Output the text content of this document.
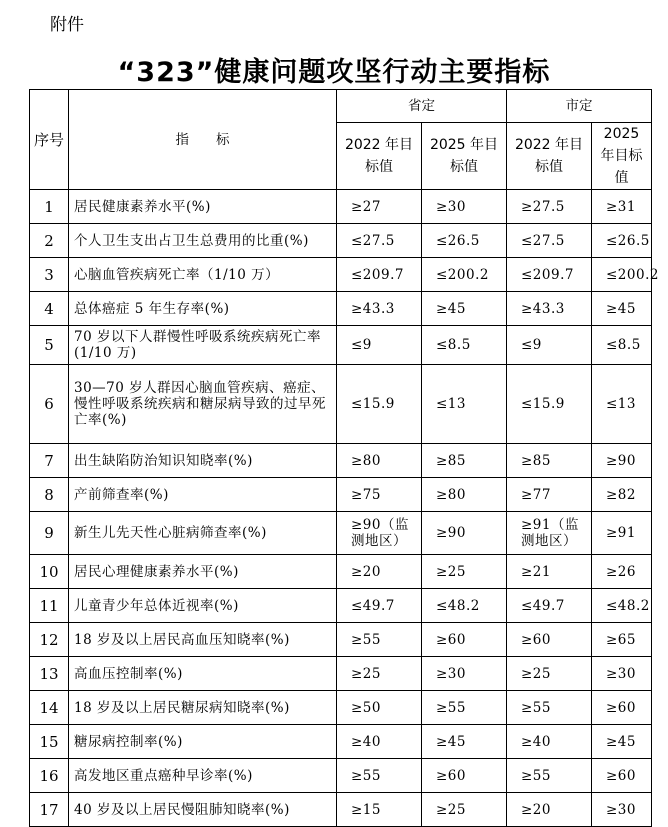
附件
“323”健康问题攻坚行动主要指标
序号	指　　标	省定		市定	
		2022 年目标值	2025 年目标值	2022 年目标值	2025 年目标值
1	居民健康素养水平(%)	≥27	≥30	≥27.5	≥31
2	个人卫生支出占卫生总费用的比重(%)	≤27.5	≤26.5	≤27.5	≤26.5
3	心脑血管疾病死亡率（1/10 万）	≤209.7	≤200.2	≤209.7	≤200.2
4	总体癌症 5 年生存率(%)	≥43.3	≥45	≥43.3	≥45
5	70 岁以下人群慢性呼吸系统疾病死亡率(1/10 万)	≤9	≤8.5	≤9	≤8.5
6	30—70 岁人群因心脑血管疾病、癌症、慢性呼吸系统疾病和糖尿病导致的过早死亡率(%)	≤15.9	≤13	≤15.9	≤13
7	出生缺陷防治知识知晓率(%)	≥80	≥85	≥85	≥90
8	产前筛查率(%)	≥75	≥80	≥77	≥82
9	新生儿先天性心脏病筛查率(%)	≥90（监测地区）	≥90	≥91（监测地区）	≥91
10	居民心理健康素养水平(%)	≥20	≥25	≥21	≥26
11	儿童青少年总体近视率(%)	≤49.7	≤48.2	≤49.7	≤48.2
12	18 岁及以上居民高血压知晓率(%)	≥55	≥60	≥60	≥65
13	高血压控制率(%)	≥25	≥30	≥25	≥30
14	18 岁及以上居民糖尿病知晓率(%)	≥50	≥55	≥55	≥60
15	糖尿病控制率(%)	≥40	≥45	≥40	≥45
16	高发地区重点癌种早诊率(%)	≥55	≥60	≥55	≥60
17	40 岁及以上居民慢阻肺知晓率(%)	≥15	≥25	≥20	≥30
